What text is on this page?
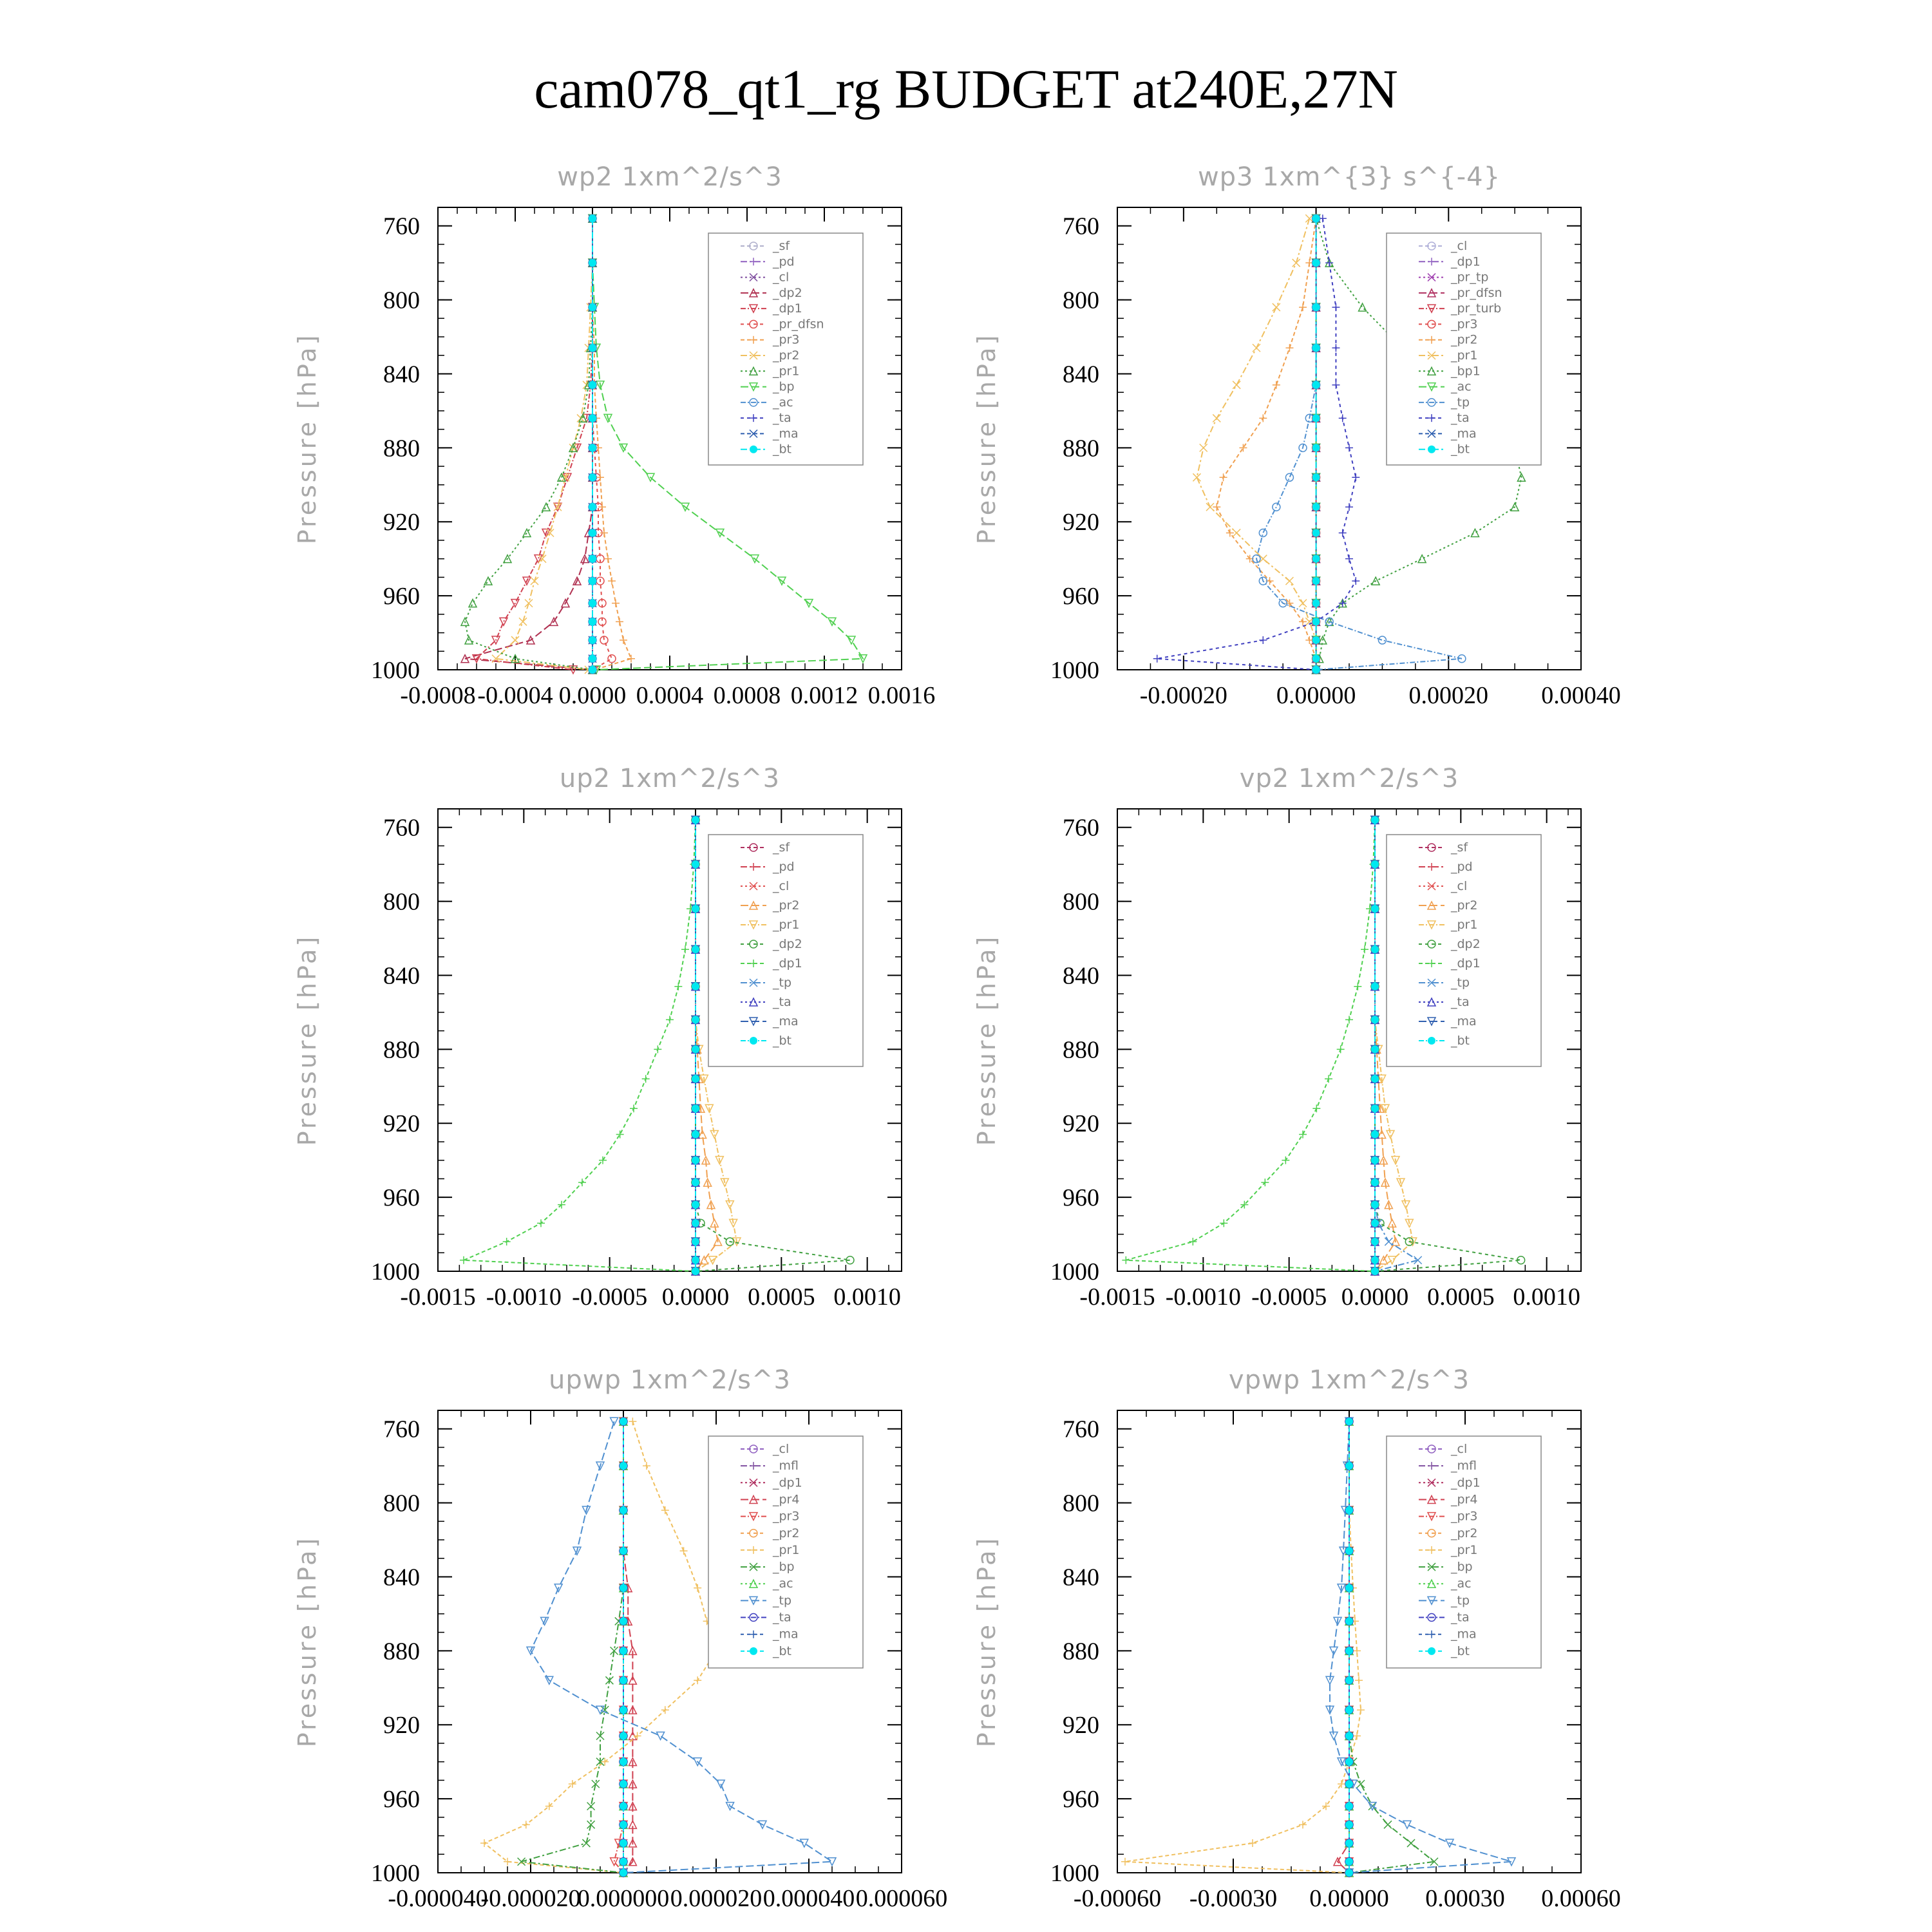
cam078_qt1_rg BUDGET at240E,27N
760
800
840
880
920
960
1000
-0.0008 -0.0004 0.0000 0.0004 0.0008 0.0012 0.0016
wp2 1xm^2/s^3
Pressure [hPa]
_sf
_pd
_cl
_dp2
_dp1
_pr_dfsn
_pr3
_pr2
_pr1
_bp
_ac
_ta
_ma
_bt
760
800
840
880
920
960
1000
-0.00020 0.00000 0.00020 0.00040
wp3 1xm^{3} s^{-4}
Pressure [hPa]
_cl
_dp1
_pr_tp
_pr_dfsn
_pr_turb
_pr3
_pr2
_pr1
_bp1
_ac
_tp
_ta
_ma
_bt
760
800
840
880
920
960
1000
-0.0015 -0.0010 -0.0005 0.0000 0.0005 0.0010
up2 1xm^2/s^3
Pressure [hPa]
_sf
_pd
_cl
_pr2
_pr1
_dp2
_dp1
_tp
_ta
_ma
_bt
760
800
840
880
920
960
1000
-0.0015 -0.0010 -0.0005 0.0000 0.0005 0.0010
vp2 1xm^2/s^3
Pressure [hPa]
_sf
_pd
_cl
_pr2
_pr1
_dp2
_dp1
_tp
_ta
_ma
_bt
760
800
840
880
920
960
1000
-0.000040
-0.000020
0.000000 0.000020 0.000040 0.000060
upwp 1xm^2/s^3
Pressure [hPa]
_cl
_mfl
_dp1
_pr4
_pr3
_pr2
_pr1
_bp
_ac
_tp
_ta
_ma
_bt
760
800
840
880
920
960
1000
-0.00060 -0.00030 0.00000 0.00030 0.00060
vpwp 1xm^2/s^3
Pressure [hPa]
_cl
_mfl
_dp1
_pr4
_pr3
_pr2
_pr1
_bp
_ac
_tp
_ta
_ma
_bt
